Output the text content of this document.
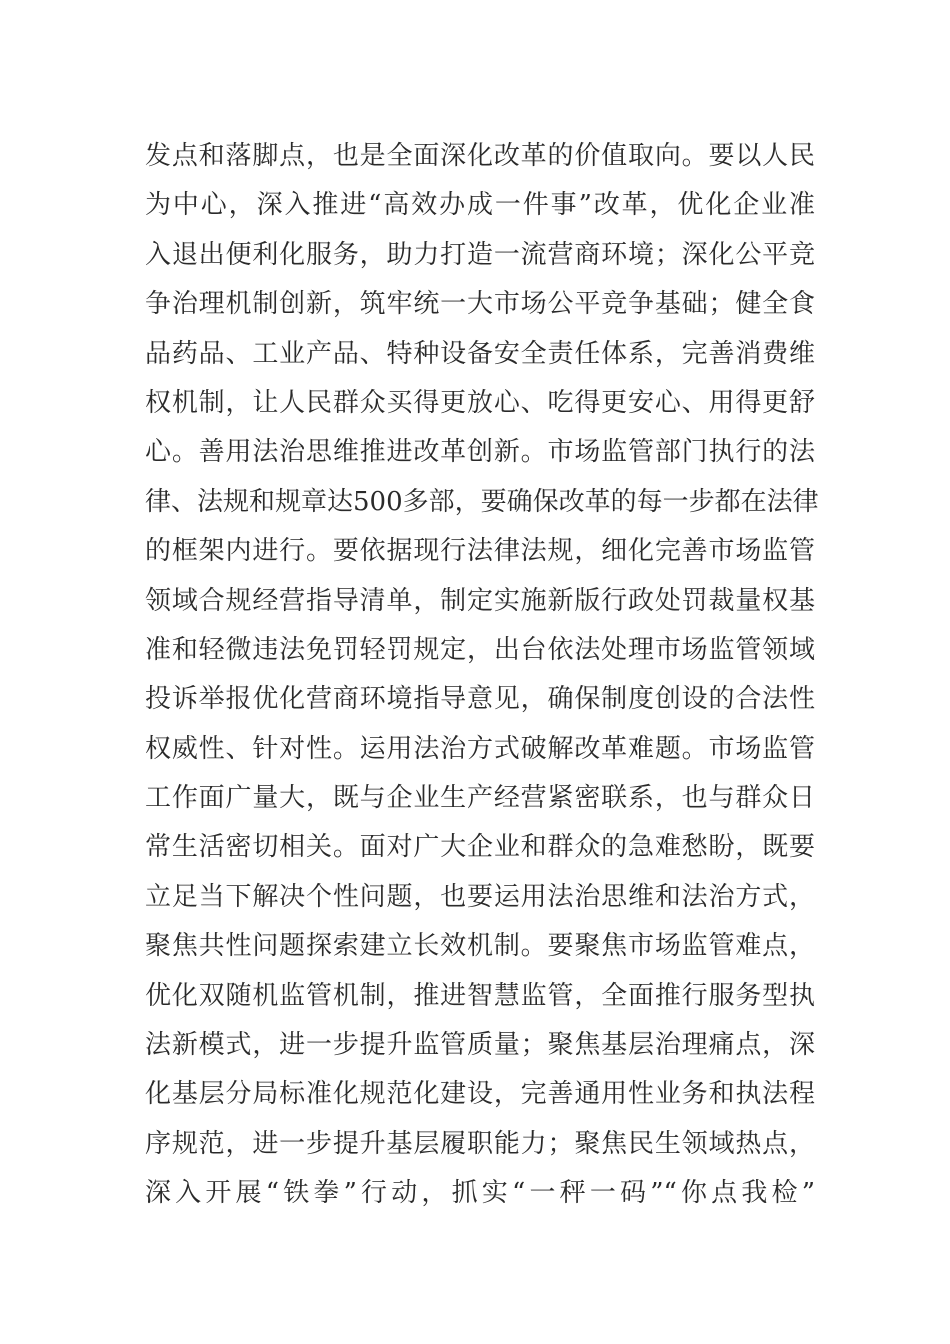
发点和落脚点，也是全面深化改革的价值取向。要以人民
为中心，深入推进“高效办成一件事”改革，优化企业准
入退出便利化服务，助力打造一流营商环境；深化公平竞
争治理机制创新，筑牢统一大市场公平竞争基础；健全食
品药品、工业产品、特种设备安全责任体系，完善消费维
权机制，让人民群众买得更放心、吃得更安心、用得更舒
心。善用法治思维推进改革创新。市场监管部门执行的法
律、法规和规章达500多部，要确保改革的每一步都在法律
的框架内进行。要依据现行法律法规，细化完善市场监管
领域合规经营指导清单，制定实施新版行政处罚裁量权基
准和轻微违法免罚轻罚规定，出台依法处理市场监管领域
投诉举报优化营商环境指导意见，确保制度创设的合法性
权威性、针对性。运用法治方式破解改革难题。市场监管
工作面广量大，既与企业生产经营紧密联系，也与群众日
常生活密切相关。面对广大企业和群众的急难愁盼，既要
立足当下解决个性问题，也要运用法治思维和法治方式，
聚焦共性问题探索建立长效机制。要聚焦市场监管难点，
优化双随机监管机制，推进智慧监管，全面推行服务型执
法新模式，进一步提升监管质量；聚焦基层治理痛点，深
化基层分局标准化规范化建设，完善通用性业务和执法程
序规范，进一步提升基层履职能力；聚焦民生领域热点，
深入开展“铁拳”行动，抓实“一秤一码”“你点我检”
